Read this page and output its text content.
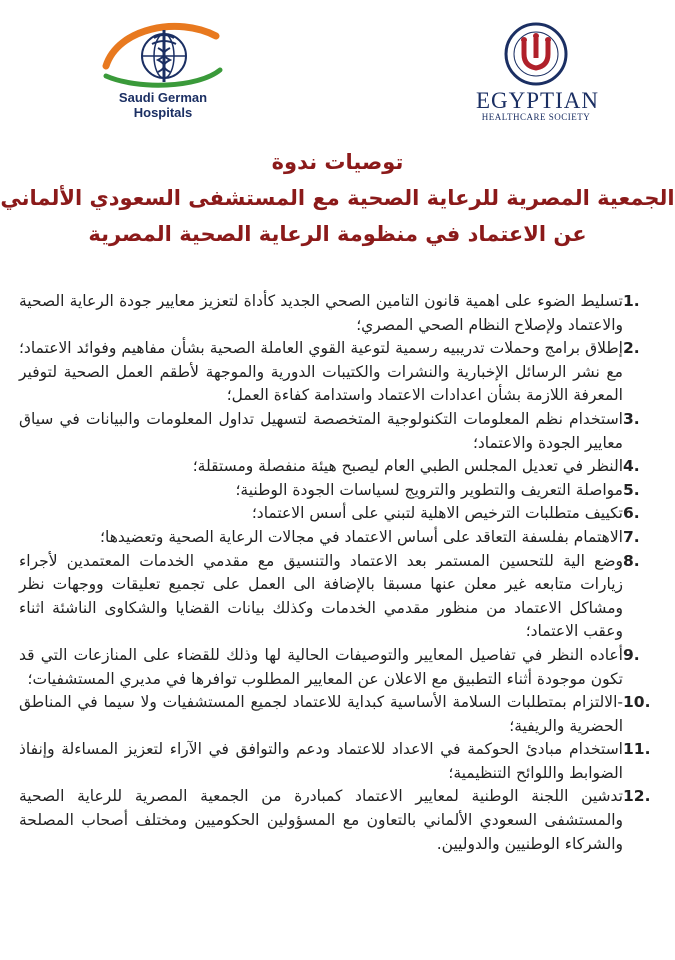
Saudi German Hospitals	EGYPTIAN
HEALTHCARE SOCIETY
توصيات ندوة
الجمعية المصرية للرعاية الصحية مع المستشفى السعودي الألماني
عن الاعتماد في منظومة الرعاية الصحية المصرية
1.
تسليط الضوء على اهمية قانون التامين الصحي الجديد كأداة لتعزيز معايير جودة الرعاية الصحية والاعتماد ولإصلاح النظام الصحي المصري؛
2.
إطلاق برامج وحملات تدريبيه رسمية لتوعية القوي العاملة الصحية بشأن مفاهيم وفوائد الاعتماد؛ مع نشر الرسائل الإخبارية والنشرات والكتيبات الدورية والموجهة لأطقم العمل الصحية لتوفير المعرفة اللازمة بشأن اعدادات الاعتماد واستدامة كفاءة العمل؛
3.
استخدام نظم المعلومات التكنولوجية المتخصصة لتسهيل تداول المعلومات والبيانات في سياق معايير الجودة والاعتماد؛
4.
النظر في تعديل المجلس الطبي العام ليصبح هيئة منفصلة ومستقلة؛
5.
مواصلة التعريف والتطوير والترويج لسياسات الجودة الوطنية؛
6.
تكييف متطلبات الترخيص الاهلية لتبني على أسس الاعتماد؛
7.
الاهتمام بفلسفة التعاقد على أساس الاعتماد في مجالات الرعاية الصحية وتعضيدها؛
8.
وضع الية للتحسين المستمر بعد الاعتماد والتنسيق مع مقدمي الخدمات المعتمدين لأجراء زيارات متابعه غير معلن عنها مسبقا بالإضافة الى العمل على تجميع تعليقات ووجهات نظر ومشاكل الاعتماد من منظور مقدمي الخدمات وكذلك بيانات القضايا والشكاوى الناشئة اثناء وعقب الاعتماد؛
9.
أعاده النظر في تفاصيل المعايير والتوصيفات الحالية لها وذلك للقضاء على المنازعات التي قد تكون موجودة أثناء التطبيق مع الاعلان عن المعايير المطلوب توافرها في مديري المستشفيات؛
10.
-الالتزام بمتطلبات السلامة الأساسية كبداية للاعتماد لجميع المستشفيات ولا سيما في المناطق الحضرية والريفية؛
11.
استخدام مبادئ الحوكمة في الاعداد للاعتماد ودعم والتوافق في الآراء لتعزيز المساءلة وإنفاذ الضوابط واللوائح التنظيمية؛
12.
تدشين اللجنة الوطنية لمعايير الاعتماد كمبادرة من الجمعية المصرية للرعاية الصحية والمستشفى السعودي الألماني بالتعاون مع المسؤولين الحكوميين ومختلف أصحاب المصلحة والشركاء الوطنيين والدوليين.
